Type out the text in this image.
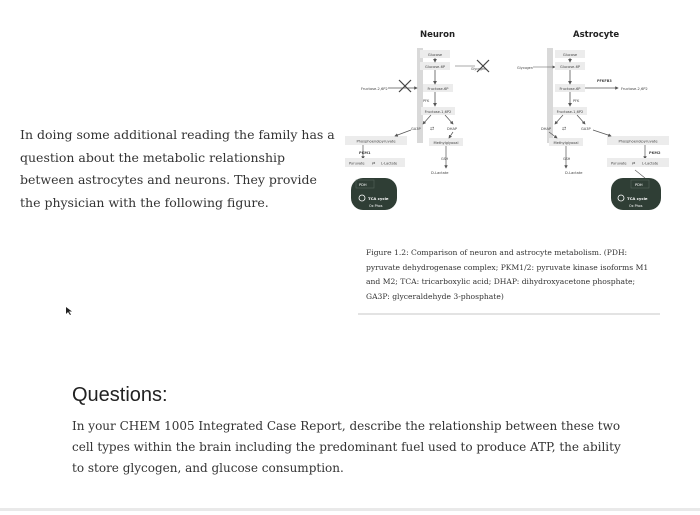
In doing some additional reading the family has a
question about the metabolic relationship
between astrocytes and neurons. They provide
the physician with the following figure.
Neuron
Glucose
Glucose-6P
Fructose-2,6P2	Fructose-6P
PFK
Fructose-1,6P2
GA3P ⇄	DHAP
Methylglyoxal
GSH
D-Lactate
Phosphoenolpyruvate
PKM1
Pyruvate ⇄ L-Lactate
PDH
TCA cycle
Ox Phos
Glycogen
Astrocyte
Glycogen
Glucose
Glucose-6P
Fructose-6P
PFKFB3
Fructose-2,6P2
PFK
Fructose-1,6P2
DHAP ⇄	GA3P
Methylglyoxal
GSH
D-Lactate
Phosphoenolpyruvate
PKM2
Pyruvate ⇄ L-Lactate
PDH
TCA cycle
Ox Phos
Figure 1.2: Comparison of neuron and astrocyte metabolism. (PDH:
pyruvate dehydrogenase complex; PKM1/2: pyruvate kinase isoforms M1
and M2; TCA: tricarboxylic acid; DHAP: dihydroxyacetone phosphate;
GA3P: glyceraldehyde 3-phosphate)
Questions:
In your CHEM 1005 Integrated Case Report, describe the relationship between these two
cell types within the brain including the predominant fuel used to produce ATP, the ability
to store glycogen, and glucose consumption.
